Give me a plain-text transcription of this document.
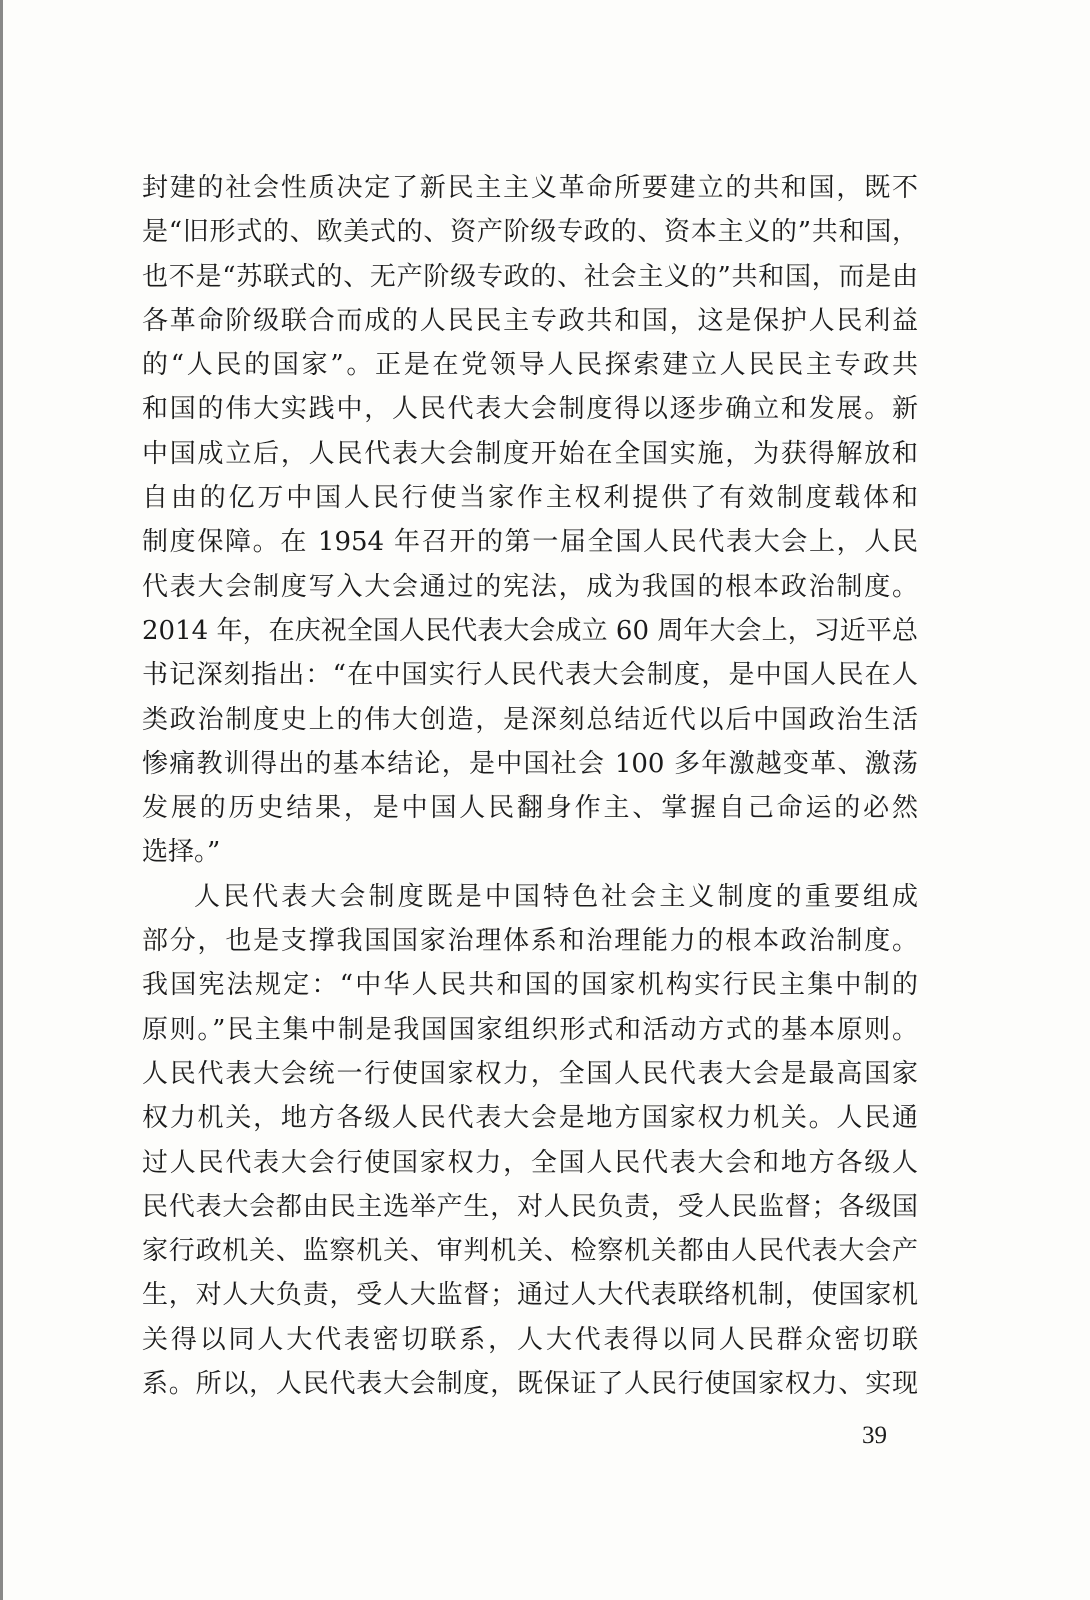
封建的社会性质决定了新民主主义革命所要建立的共和国，既不
是“旧形式的、欧美式的、资产阶级专政的、资本主义的”共和国，
也不是“苏联式的、无产阶级专政的、社会主义的”共和国，而是由
各革命阶级联合而成的人民民主专政共和国，这是保护人民利益
的“人民的国家”。正是在党领导人民探索建立人民民主专政共
和国的伟大实践中，人民代表大会制度得以逐步确立和发展。新
中国成立后，人民代表大会制度开始在全国实施，为获得解放和
自由的亿万中国人民行使当家作主权利提供了有效制度载体和
制度保障。在 1954 年召开的第一届全国人民代表大会上，人民
代表大会制度写入大会通过的宪法，成为我国的根本政治制度。
2014 年，在庆祝全国人民代表大会成立 60 周年大会上，习近平总
书记深刻指出：“在中国实行人民代表大会制度，是中国人民在人
类政治制度史上的伟大创造，是深刻总结近代以后中国政治生活
惨痛教训得出的基本结论，是中国社会 100 多年激越变革、激荡
发展的历史结果，是中国人民翻身作主、掌握自己命运的必然
选择。”
人民代表大会制度既是中国特色社会主义制度的重要组成
部分，也是支撑我国国家治理体系和治理能力的根本政治制度。
我国宪法规定：“中华人民共和国的国家机构实行民主集中制的
原则。”民主集中制是我国国家组织形式和活动方式的基本原则。
人民代表大会统一行使国家权力，全国人民代表大会是最高国家
权力机关，地方各级人民代表大会是地方国家权力机关。人民通
过人民代表大会行使国家权力，全国人民代表大会和地方各级人
民代表大会都由民主选举产生，对人民负责，受人民监督；各级国
家行政机关、监察机关、审判机关、检察机关都由人民代表大会产
生，对人大负责，受人大监督；通过人大代表联络机制，使国家机
关得以同人大代表密切联系，人大代表得以同人民群众密切联
系。所以，人民代表大会制度，既保证了人民行使国家权力、实现
39
